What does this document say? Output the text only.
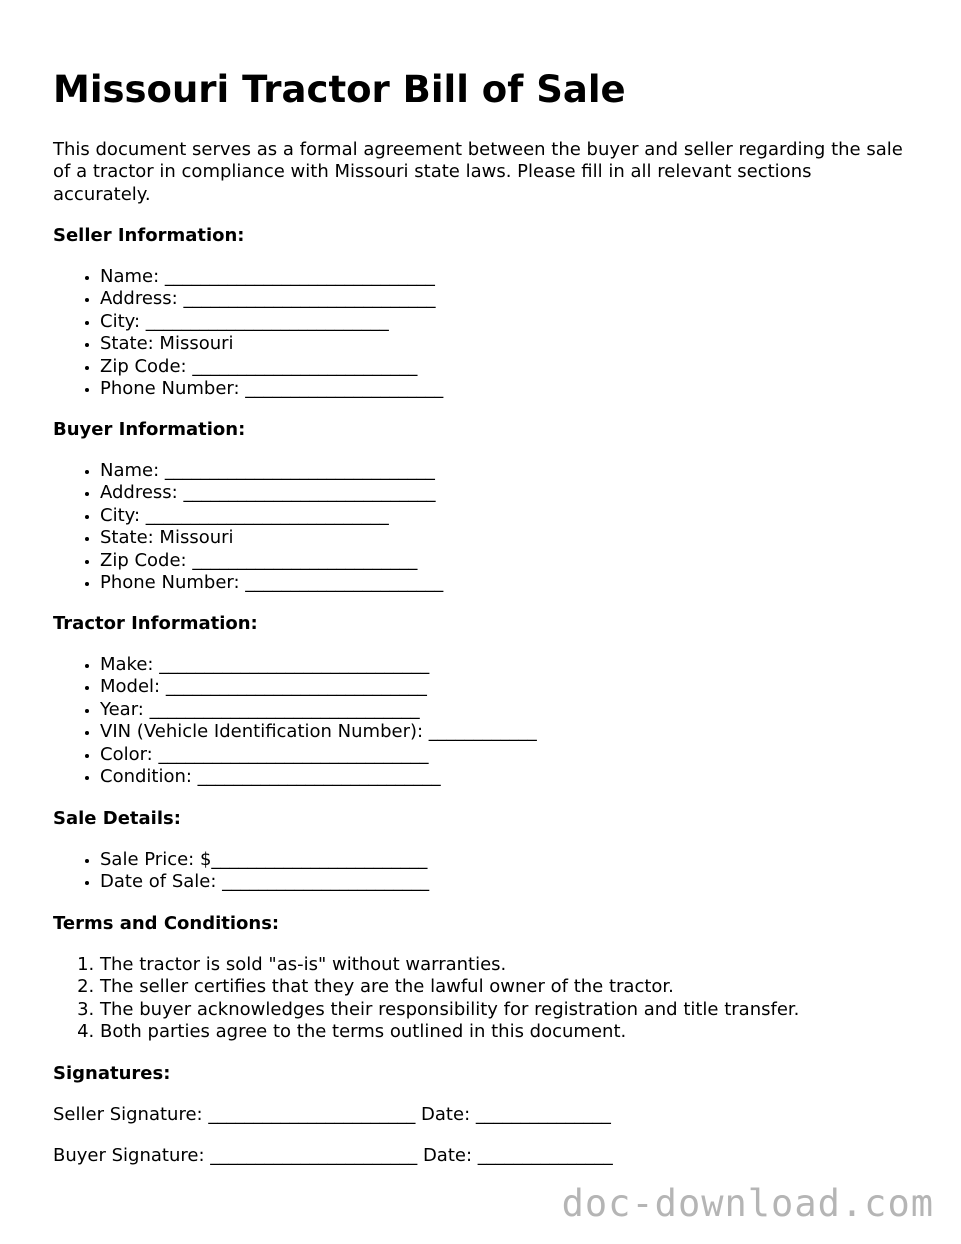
Missouri Tractor Bill of Sale

This document serves as a formal agreement between the buyer and seller regarding the sale of a tractor in compliance with Missouri state laws. Please fill in all relevant sections accurately.

Seller Information:

• Name: ______________________________
• Address: ____________________________
• City: ___________________________
• State: Missouri
• Zip Code: _________________________
• Phone Number: ______________________

Buyer Information:

• Name: ______________________________
• Address: ____________________________
• City: ___________________________
• State: Missouri
• Zip Code: _________________________
• Phone Number: ______________________

Tractor Information:

• Make: ______________________________
• Model: _____________________________
• Year: ______________________________
• VIN (Vehicle Identification Number): ____________
• Color: ______________________________
• Condition: ___________________________

Sale Details:

• Sale Price: $________________________
• Date of Sale: _______________________

Terms and Conditions:

1. The tractor is sold "as-is" without warranties.
2. The seller certifies that they are the lawful owner of the tractor.
3. The buyer acknowledges their responsibility for registration and title transfer.
4. Both parties agree to the terms outlined in this document.

Signatures:

Seller Signature: _______________________ Date: _______________

Buyer Signature: _______________________ Date: _______________

doc-download.com
